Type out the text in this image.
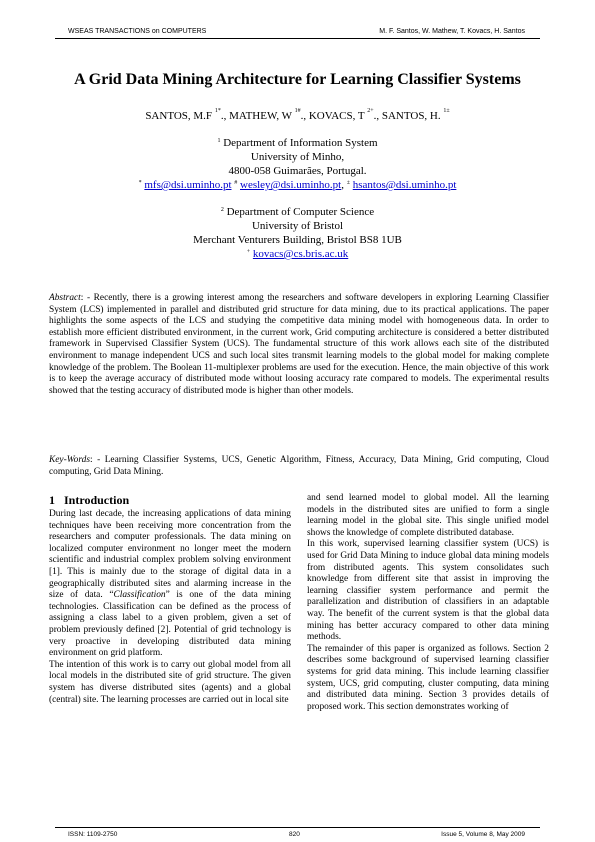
WSEAS TRANSACTIONS on COMPUTERS	M. F. Santos, W. Mathew, T. Kovacs, H. Santos
A Grid Data Mining Architecture for Learning Classifier Systems
SANTOS, M.F $^{1*}$., MATHEW, W $^{1\#}$., KOVACS, T $^{2+}$., SANTOS, H. $^{1\pm}$
$^1$ Department of Information System
University of Minho,
4800-058 Guimarães, Portugal.
* mfs@dsi.uminho.pt # wesley@dsi.uminho.pt, ± hsantos@dsi.uminho.pt
$^2$ Department of Computer Science
University of Bristol
Merchant Venturers Building, Bristol BS8 1UB
+ kovacs@cs.bris.ac.uk
Abstract: - Recently, there is a growing interest among the researchers and software developers in exploring Learning Classifier System (LCS) implemented in parallel and distributed grid structure for data mining, due to its practical applications. The paper highlights the some aspects of the LCS and studying the competitive data mining model with homogeneous data. In order to establish more efficient distributed environment, in the current work, Grid computing architecture is considered a better distributed framework in Supervised Classifier System (UCS). The fundamental structure of this work allows each site of the distributed environment to manage independent UCS and such local sites transmit learning models to the global model for making complete knowledge of the problem. The Boolean 11-multiplexer problems are used for the execution. Hence, the main objective of this work is to keep the average accuracy of distributed mode without loosing accuracy rate compared to models. The experimental results showed that the testing accuracy of distributed mode is higher than other models.
Key-Words: - Learning Classifier Systems, UCS, Genetic Algorithm, Fitness, Accuracy, Data Mining, Grid computing, Cloud computing, Grid Data Mining.
1 Introduction

During last decade, the increasing applications of data mining techniques have been receiving more concentration from the researchers and computer professionals. The data mining on localized computer environment no longer meet the modern scientific and industrial complex problem solving environment [1]. This is mainly due to the storage of digital data in a geographically distributed sites and alarming increase in the size of data. “Classification” is one of the data mining technologies. Classification can be defined as the process of assigning a class label to a given problem, given a set of problem previously defined [2]. Potential of grid technology is very proactive in developing distributed data mining environment on grid platform.

The intention of this work is to carry out global model from all local models in the distributed site of grid structure. The given system has diverse distributed sites (agents) and a global (central) site. The learning processes are carried out in local site

and send learned model to global model. All the learning models in the distributed sites are unified to form a single learning model in the global site. This single unified model shows the knowledge of complete distributed database.

In this work, supervised learning classifier system (UCS) is used for Grid Data Mining to induce global data mining models from distributed agents. This system consolidates such knowledge from different site that assist in improving the learning classifier system performance and permit the parallelization and distribution of classifiers in an adaptable way. The benefit of the current system is that the global data mining has better accuracy compared to other data mining methods.

The remainder of this paper is organized as follows. Section 2 describes some background of supervised learning classifier systems for grid data mining. This include learning classifier system, UCS, grid computing, cluster computing, data mining and distributed data mining. Section 3 provides details of proposed work. This section demonstrates working of

ISSN: 1109-2750	820	Issue 5, Volume 8, May 2009
